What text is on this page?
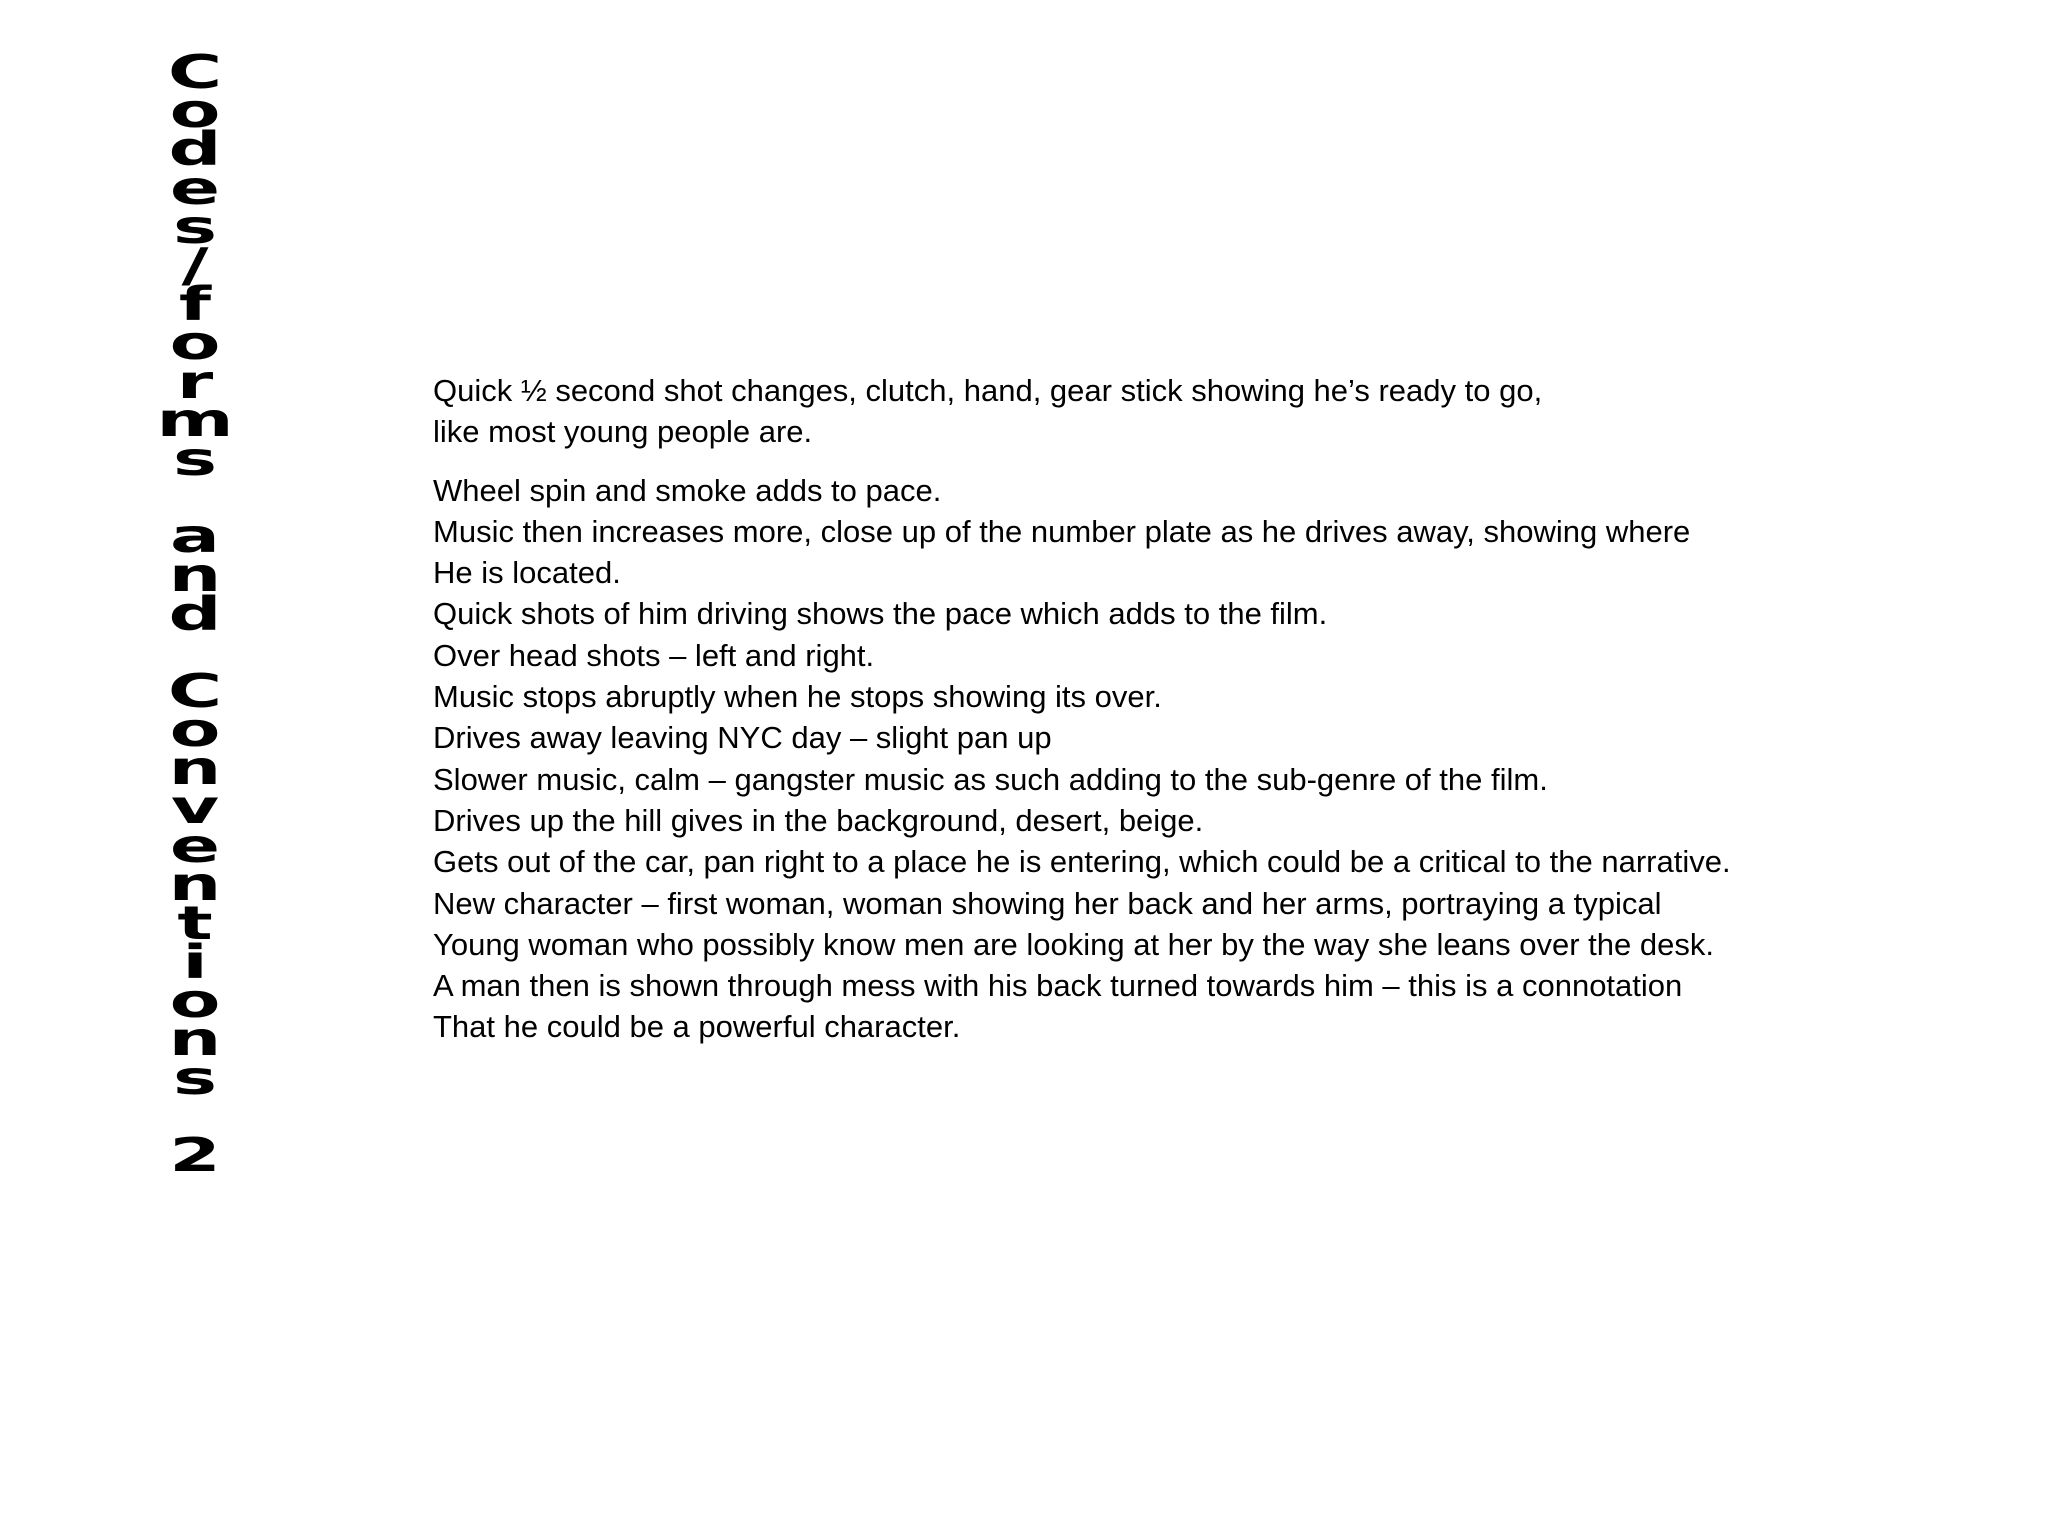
C
o
d
e
s
/
f
o
r
m
s
a
n
d
C
o
n
v
e
n
t
i
o
n
s
2
Quick ½ second shot changes, clutch, hand, gear stick showing he’s ready to go,
like most young people are.
Wheel spin and smoke adds to pace.
Music then increases more, close up of the number plate as he drives away, showing where
He is located.
Quick shots of him driving shows the pace which adds to the film.
Over head shots – left and right.
Music stops abruptly when he stops showing its over.
Drives away leaving NYC day – slight pan up
Slower music, calm – gangster music as such adding to the sub-genre of the film.
Drives up the hill gives in the background, desert, beige.
Gets out of the car, pan right to a place he is entering, which could be a critical to the narrative.
New character – first woman, woman showing her back and her arms, portraying a typical
Young woman who possibly know men are looking at her by the way she leans over the desk.
A man then is shown through mess with his back turned towards him – this is a connotation
That he could be a powerful character.
